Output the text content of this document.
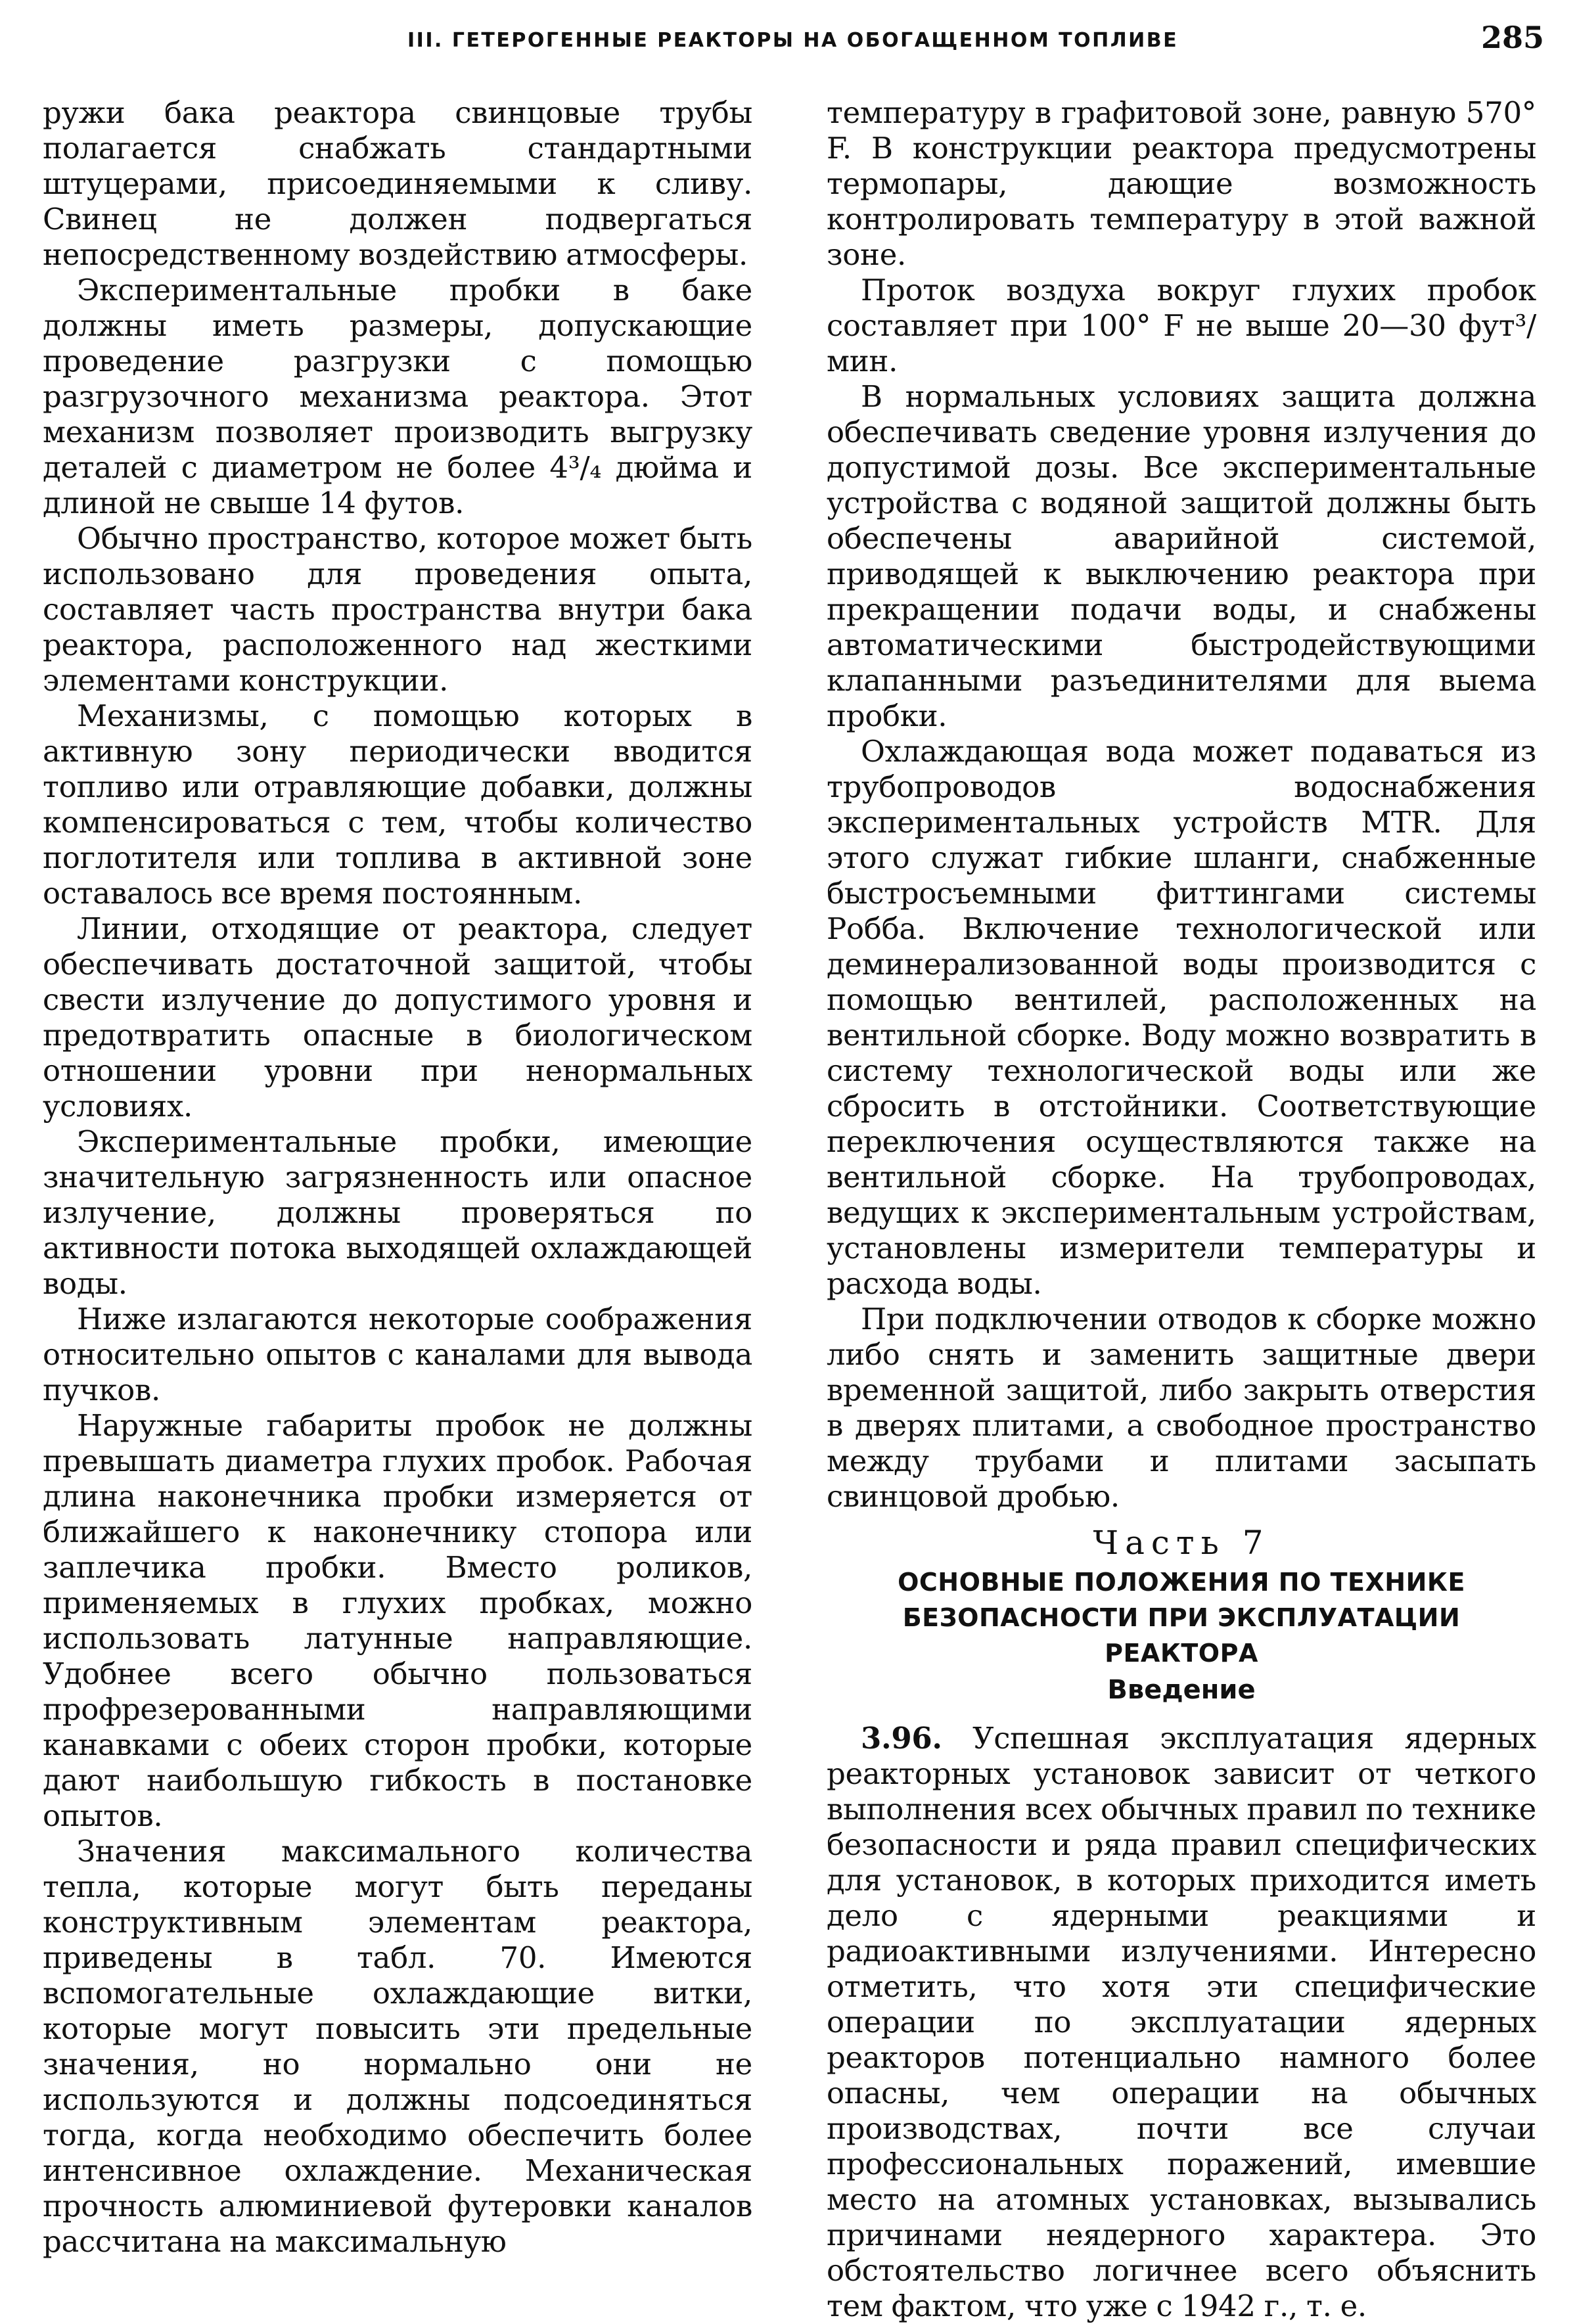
III. ГЕТЕРОГЕННЫЕ РЕАКТОРЫ НА ОБОГАЩЕННОМ ТОПЛИВЕ	285

ружи бака реактора свинцовые трубы полагается снабжать стандартными штуцерами, присоединяемыми к сливу. Свинец не должен подвергаться непосредственному воздействию атмосферы.

Экспериментальные пробки в баке должны иметь размеры, допускающие проведение разгрузки с помощью разгрузочного механизма реактора. Этот механизм позволяет производить выгрузку деталей с диаметром не более 4³/₄ дюйма и длиной не свыше 14 футов.

Обычно пространство, которое может быть использовано для проведения опыта, составляет часть пространства внутри бака реактора, расположенного над жесткими элементами конструкции.

Механизмы, с помощью которых в активную зону периодически вводится топливо или отравляющие добавки, должны компенсироваться с тем, чтобы количество поглотителя или топлива в активной зоне оставалось все время постоянным.

Линии, отходящие от реактора, следует обеспечивать достаточной защитой, чтобы свести излучение до допустимого уровня и предотвратить опасные в биологическом отношении уровни при ненормальных условиях.

Экспериментальные пробки, имеющие значительную загрязненность или опасное излучение, должны проверяться по активности потока выходящей охлаждающей воды.

Ниже излагаются некоторые соображения относительно опытов с каналами для вывода пучков.

Наружные габариты пробок не должны превышать диаметра глухих пробок. Рабочая длина наконечника пробки измеряется от ближайшего к наконечнику стопора или заплечика пробки. Вместо роликов, применяемых в глухих пробках, можно использовать латунные направляющие. Удобнее всего обычно пользоваться профрезерованными направляющими канавками с обеих сторон пробки, которые дают наибольшую гибкость в постановке опытов.

Значения максимального количества тепла, которые могут быть переданы конструктивным элементам реактора, приведены в табл. 70. Имеются вспомогательные охлаждающие витки, которые могут повысить эти предельные значения, но нормально они не используются и должны подсоединяться тогда, когда необходимо обеспечить более интенсивное охлаждение. Механическая прочность алюминиевой футеровки каналов рассчитана на максимальную

температуру в графитовой зоне, равную 570° F. В конструкции реактора предусмотрены термопары, дающие возможность контролировать температуру в этой важной зоне.

Проток воздуха вокруг глухих пробок составляет при 100° F не выше 20—30 фут³/мин.

В нормальных условиях защита должна обеспечивать сведение уровня излучения до допустимой дозы. Все экспериментальные устройства с водяной защитой должны быть обеспечены аварийной системой, приводящей к выключению реактора при прекращении подачи воды, и снабжены автоматическими быстродействующими клапанными разъединителями для выема пробки.

Охлаждающая вода может подаваться из трубопроводов водоснабжения экспериментальных устройств MTR. Для этого служат гибкие шланги, снабженные быстросъемными фиттингами системы Робба. Включение технологической или деминерализованной воды производится с помощью вентилей, расположенных на вентильной сборке. Воду можно возвратить в систему технологической воды или же сбросить в отстойники. Соответствующие переключения осуществляются также на вентильной сборке. На трубопроводах, ведущих к экспериментальным устройствам, установлены измерители температуры и расхода воды.

При подключении отводов к сборке можно либо снять и заменить защитные двери временной защитой, либо закрыть отверстия в дверях плитами, а свободное пространство между трубами и плитами засыпать свинцовой дробью.

Часть 7
ОСНОВНЫЕ ПОЛОЖЕНИЯ ПО ТЕХНИКЕ
БЕЗОПАСНОСТИ ПРИ ЭКСПЛУАТАЦИИ РЕАКТОРА
Введение

3.96. Успешная эксплуатация ядерных реакторных установок зависит от четкого выполнения всех обычных правил по технике безопасности и ряда правил специфических для установок, в которых приходится иметь дело с ядерными реакциями и радиоактивными излучениями. Интересно отметить, что хотя эти специфические операции по эксплуатации ядерных реакторов потенциально намного более опасны, чем операции на обычных производствах, почти все случаи профессиональных поражений, имевшие место на атомных установках, вызывались причинами неядерного характера. Это обстоятельство логичнее всего объяснить тем фактом, что уже с 1942 г., т. е.
